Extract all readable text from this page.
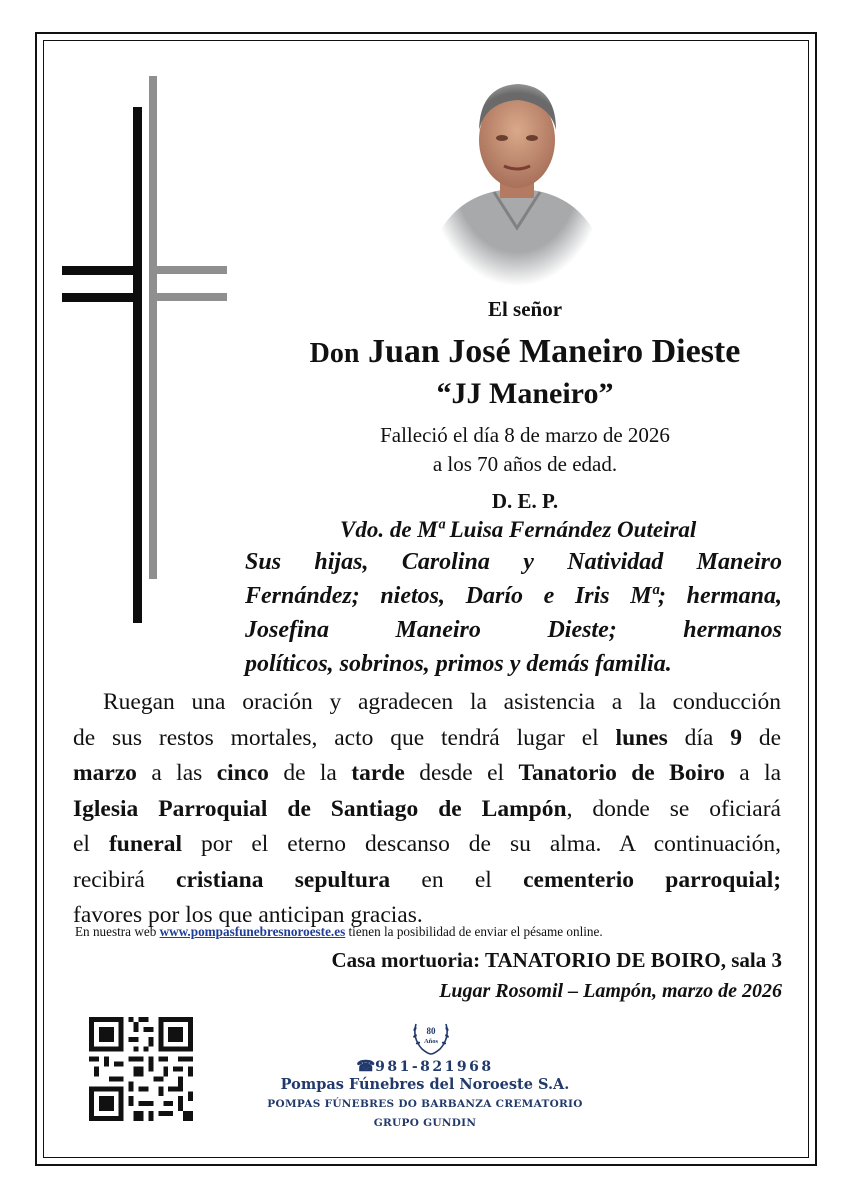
El señor
Don Juan José Maneiro Dieste
“JJ Maneiro”
Falleció el día 8 de marzo de 2026
a los 70 años de edad.
D. E. P.
Vdo. de Mª Luisa Fernández Outeiral
Sus hijas, Carolina y Natividad Maneiro
Fernández; nietos, Darío e Iris Mª; hermana,
Josefina Maneiro Dieste; hermanos
políticos, sobrinos, primos y demás familia.
Ruegan una oración y agradecen la asistencia a la conducción
de sus restos mortales, acto que tendrá lugar el lunes día 9 de
marzo a las cinco de la tarde desde el Tanatorio de Boiro a la
Iglesia Parroquial de Santiago de Lampón, donde se oficiará
el funeral por el eterno descanso de su alma. A continuación,
recibirá cristiana sepultura en el cementerio parroquial;
favores por los que anticipan gracias.
En nuestra web www.pompasfunebresnoroeste.es tienen la posibilidad de enviar el pésame online.
Casa mortuoria: TANATORIO DE BOIRO, sala 3
Lugar Rosomil – Lampón, marzo de 2026
80
Años
☎981-821968
Pompas Fúnebres del Noroeste S.A.
POMPAS FÚNEBRES DO BARBANZA CREMATORIO
GRUPO GUNDIN
